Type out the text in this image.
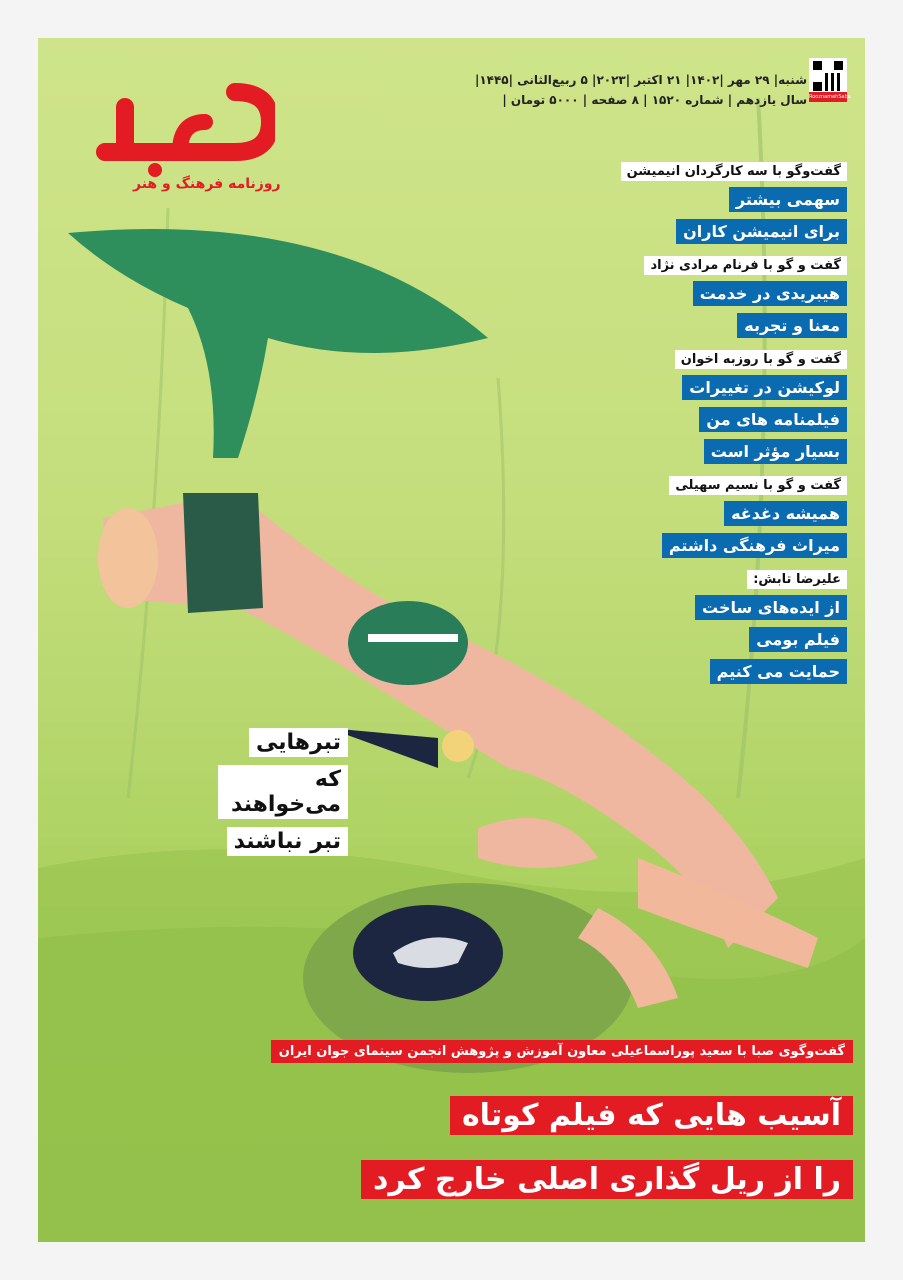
روزنامه فرهنگ و هنر
شنبه| ۲۹ مهر |۱۴۰۲| ۲۱ اکتبر |۲۰۲۳| ۵ ربیع‌الثانی |۱۴۴۵|
سال یازدهم | شماره ۱۵۲۰ | ۸ صفحه | ۵۰۰۰ تومان | RooznamehSaba
گفت‌وگو با سه کارگردان انیمیشن
سهمی بیشتر
برای انیمیشن کاران
گفت و گو با فرنام مرادی نژاد
هیبریدی در خدمت
معنا و تجربه
گفت و گو با روزبه اخوان
لوکیشن در تغییرات
فیلمنامه های من
بسیار مؤثر است
گفت و گو با نسیم سهیلی
همیشه دغدغه
میراث فرهنگی داشتم
علیرضا تابش:
از ایده‌های ساخت
فیلم بومی
حمایت می کنیم
تبرهایی
که می‌خواهند
تبر نباشند
گفت‌وگوی صبا با سعید پوراسماعیلی معاون آموزش و پژوهش انجمن سینمای جوان ایران
آسیب هایی که فیلم کوتاه
را از ریل گذاری اصلی خارج کرد
